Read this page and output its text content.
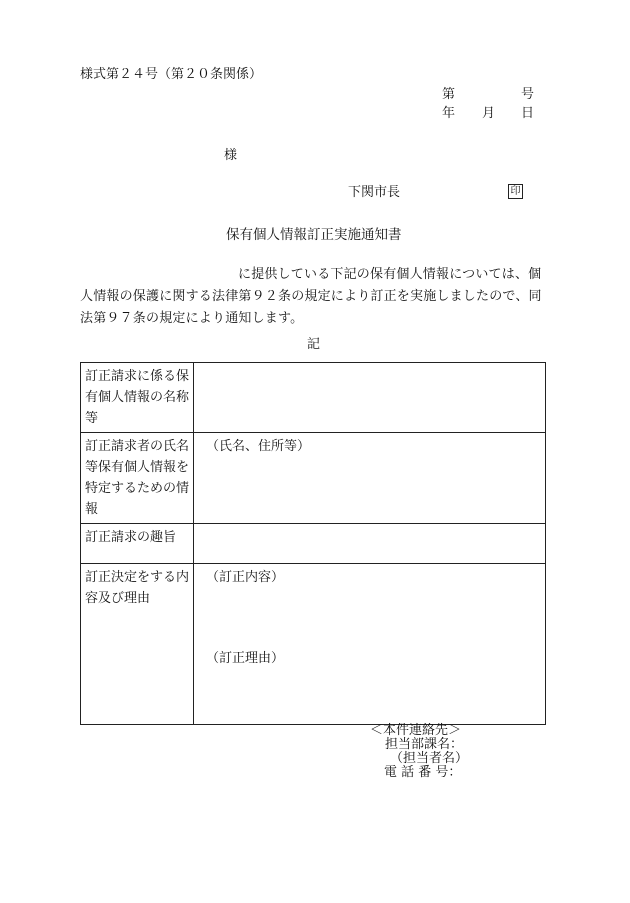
様式第２４号（第２０条関係）
第	号
年 月 日
様
下関市長	印
保有個人情報訂正実施通知書

に提供している下記の保有個人情報については、個

人情報の保護に関する法律第９２条の規定により訂正を実施しましたので、同

法第９７条の規定により通知します。

記
訂正請求に係る保有個人情報の名称等	
訂正請求者の氏名等保有個人情報を特定するための情報	（氏名、住所等）
訂正請求の趣旨	
訂正決定をする内容及び理由	（訂正内容）
（訂正理由）
＜本件連絡先＞
担当部課名：
（担当者名）
電 話 番 号：
